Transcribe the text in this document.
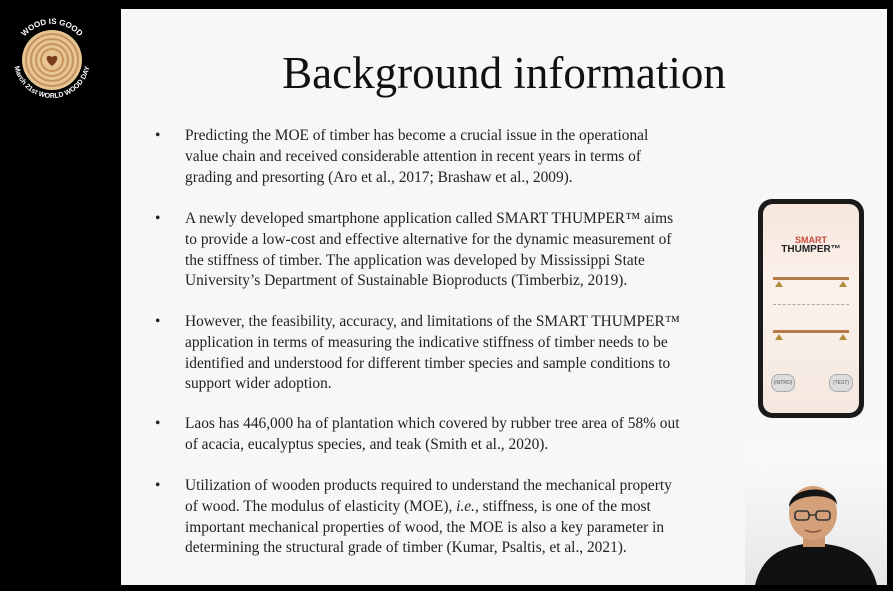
WOOD IS GOOD
March 21st WORLD WOOD DAY	Background information
•	Predicting the MOE of timber has become a crucial issue in the operational
value chain and received considerable attention in recent years in terms of
grading and presorting (Aro et al., 2017; Brashaw et al., 2009).
•	A newly developed smartphone application called SMART THUMPER™ aims
to provide a low-cost and effective alternative for the dynamic measurement of
the stiffness of timber. The application was developed by Mississippi State
University’s Department of Sustainable Bioproducts (Timberbiz, 2019).
•	However, the feasibility, accuracy, and limitations of the SMART THUMPER™
application in terms of measuring the indicative stiffness of timber needs to be
identified and understood for different timber species and sample conditions to
support wider adoption.
•	Laos has 446,000 ha of plantation which covered by rubber tree area of 58% out
of acacia, eucalyptus species, and teak (Smith et al., 2020).
•	Utilization of wooden products required to understand the mechanical property
of wood. The modulus of elasticity (MOE), i.e., stiffness, is one of the most
important mechanical properties of wood, the MOE is also a key parameter in
determining the structural grade of timber (Kumar, Psaltis, et al., 2021).
SMART
THUMPER™
(INTRO)	(TEST)
